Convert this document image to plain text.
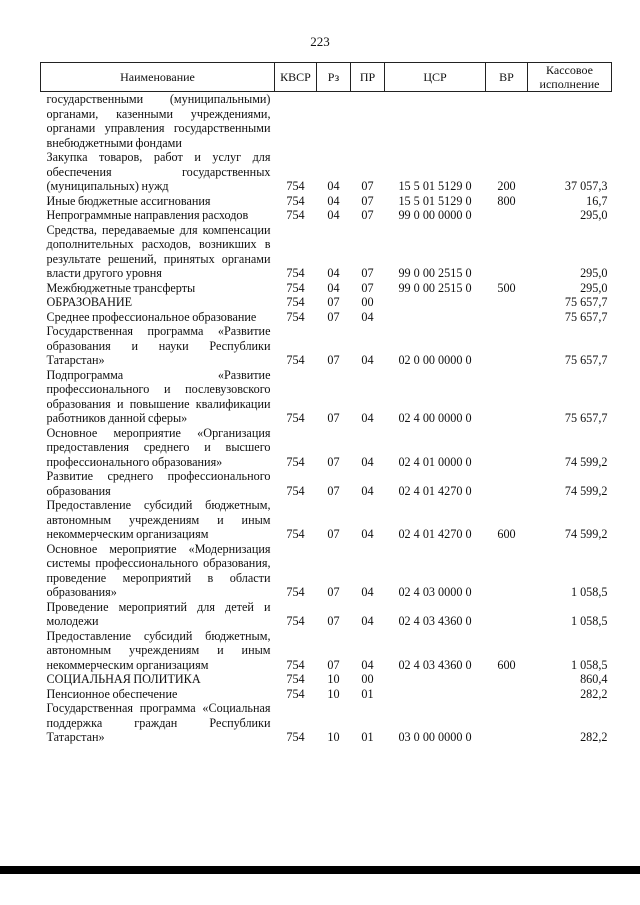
223
Наименование	КВСР	Рз	ПР	ЦСР	ВР	Кассовое исполнение
государственными (муниципальными) органами, казенными учреждениями, органами управления государственными внебюджетными фондами						
Закупка товаров, работ и услуг для обеспечения государственных (муниципальных) нужд	754	04	07	15 5 01 5129 0	200	37 057,3
Иные бюджетные ассигнования	754	04	07	15 5 01 5129 0	800	16,7
Непрограммные направления расходов	754	04	07	99 0 00 0000 0		295,0
Средства, передаваемые для компенсации дополнительных расходов, возникших в результате решений, принятых органами власти другого уровня	754	04	07	99 0 00 2515 0		295,0
Межбюджетные трансферты	754	04	07	99 0 00 2515 0	500	295,0
ОБРАЗОВАНИЕ	754	07	00			75 657,7
Среднее профессиональное образование	754	07	04			75 657,7
Государственная программа «Развитие образования и науки Республики Татарстан»	754	07	04	02 0 00 0000 0		75 657,7
Подпрограмма «Развитие профессионального и послевузовского образования и повышение квалификации работников данной сферы»	754	07	04	02 4 00 0000 0		75 657,7
Основное мероприятие «Организация предоставления среднего и высшего профессионального образования»	754	07	04	02 4 01 0000 0		74 599,2
Развитие среднего профессионального образования	754	07	04	02 4 01 4270 0		74 599,2
Предоставление субсидий бюджетным, автономным учреждениям и иным некоммерческим организациям	754	07	04	02 4 01 4270 0	600	74 599,2
Основное мероприятие «Модернизация системы профессионального образования, проведение мероприятий в области образования»	754	07	04	02 4 03 0000 0		1 058,5
Проведение мероприятий для детей и молодежи	754	07	04	02 4 03 4360 0		1 058,5
Предоставление субсидий бюджетным, автономным учреждениям и иным некоммерческим организациям	754	07	04	02 4 03 4360 0	600	1 058,5
СОЦИАЛЬНАЯ ПОЛИТИКА	754	10	00			860,4
Пенсионное обеспечение	754	10	01			282,2
Государственная программа «Социальная поддержка граждан Республики Татарстан»	754	10	01	03 0 00 0000 0		282,2
